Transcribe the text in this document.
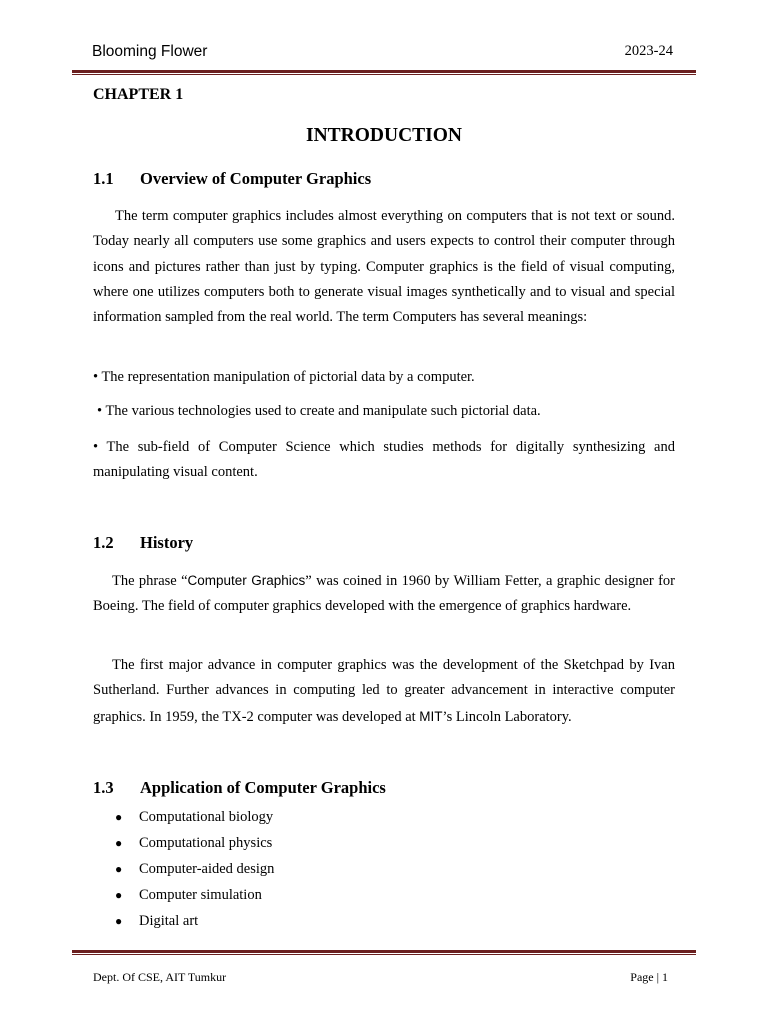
Blooming Flower	2023-24
CHAPTER 1
INTRODUCTION
1.1 Overview of Computer Graphics
The term computer graphics includes almost everything on computers that is not text or sound. Today nearly all computers use some graphics and users expects to control their computer through icons and pictures rather than just by typing. Computer graphics is the field of visual computing, where one utilizes computers both to generate visual images synthetically and to visual and special information sampled from the real world. The term Computers has several meanings:
• The representation manipulation of pictorial data by a computer.
• The various technologies used to create and manipulate such pictorial data.
• The sub-field of Computer Science which studies methods for digitally synthesizing and manipulating visual content.
1.2 History
The phrase “Computer Graphics” was coined in 1960 by William Fetter, a graphic designer for Boeing. The field of computer graphics developed with the emergence of graphics hardware.
The first major advance in computer graphics was the development of the Sketchpad by Ivan Sutherland. Further advances in computing led to greater advancement in interactive computer graphics. In 1959, the TX-2 computer was developed at MIT’s Lincoln Laboratory.
1.3 Application of Computer Graphics
● Computational biology
● Computational physics
● Computer-aided design
● Computer simulation
● Digital art
Dept. Of CSE, AIT Tumkur	Page | 1
